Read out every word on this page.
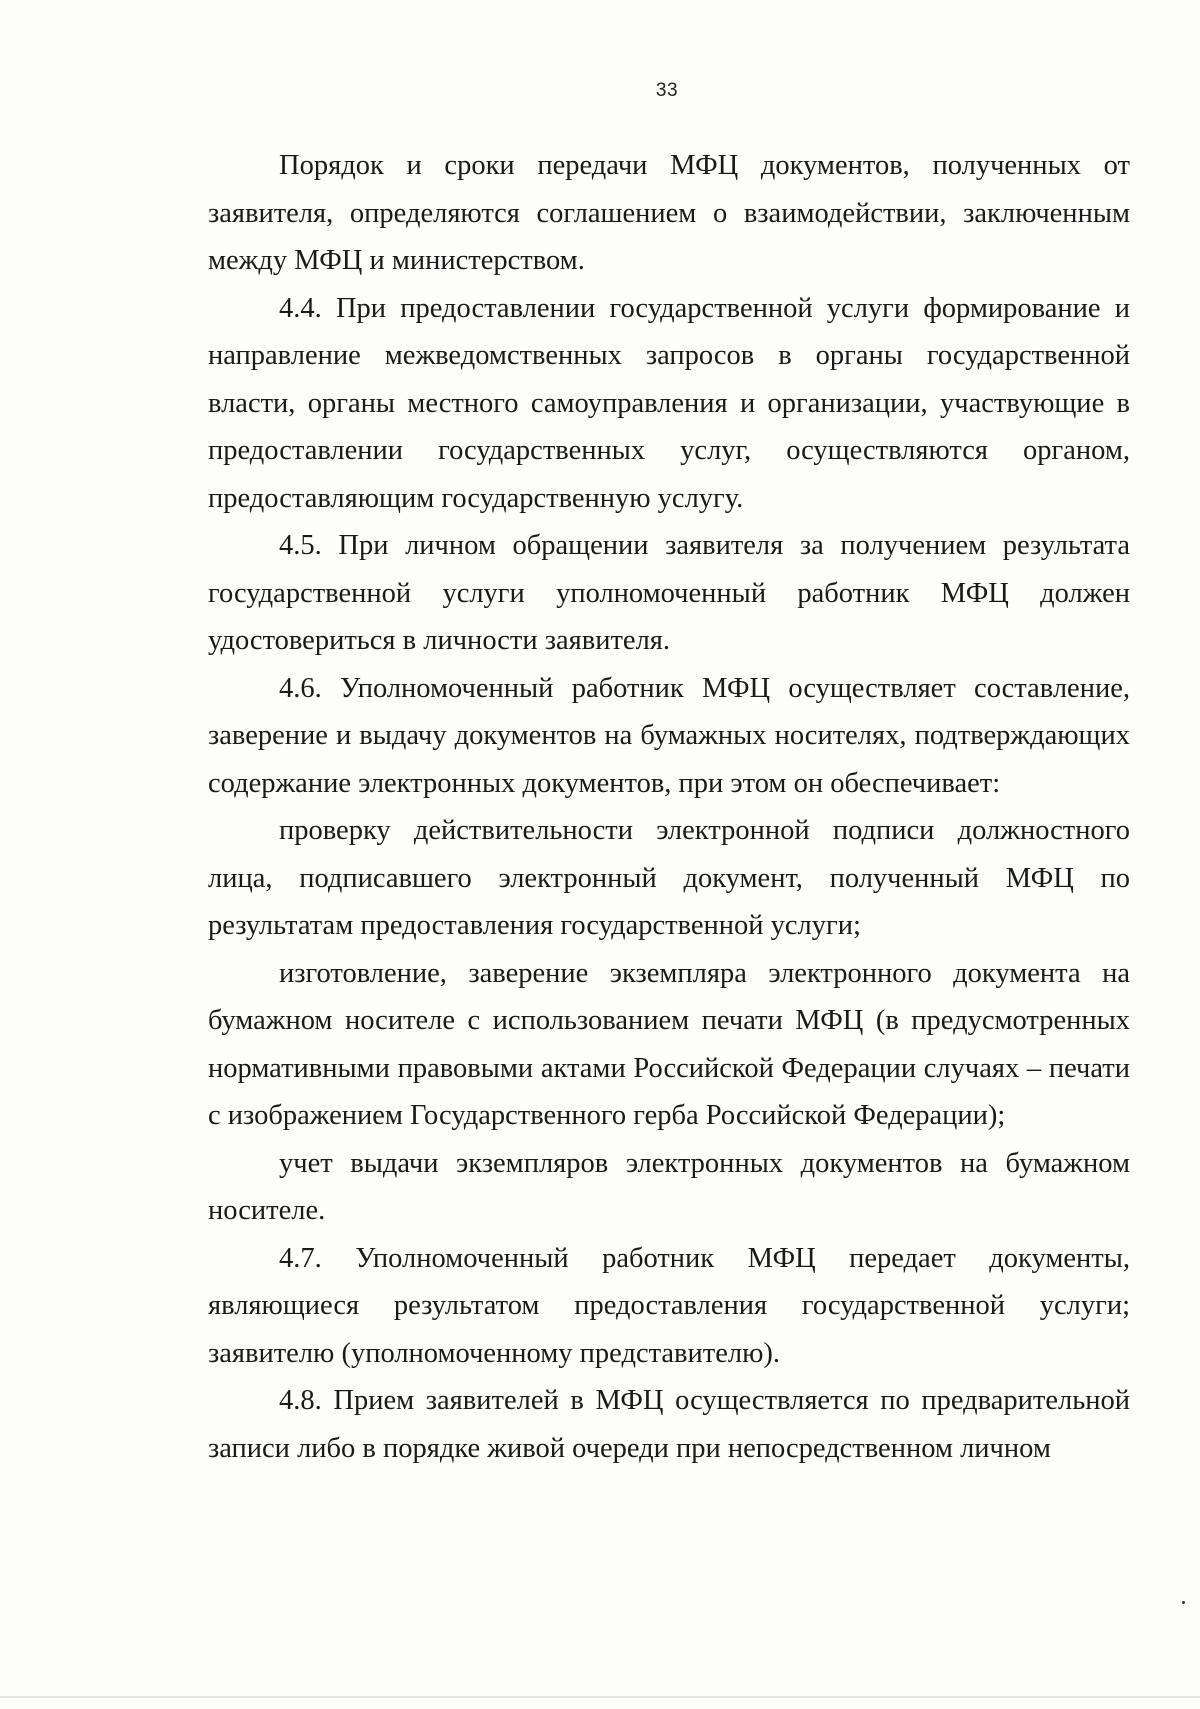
33

Порядок и сроки передачи МФЦ документов, полученных от заявителя, определяются соглашением о взаимодействии, заключенным между МФЦ и министерством.

4.4. При предоставлении государственной услуги формирование и направление межведомственных запросов в органы государственной власти, органы местного самоуправления и организации, участвующие в предоставлении государственных услуг, осуществляются органом, предоставляющим государственную услугу.

4.5. При личном обращении заявителя за получением результата государственной услуги уполномоченный работник МФЦ должен удостовериться в личности заявителя.

4.6. Уполномоченный работник МФЦ осуществляет составление, заверение и выдачу документов на бумажных носителях, подтверждающих содержание электронных документов, при этом он обеспечивает:

проверку действительности электронной подписи должностного лица, подписавшего электронный документ, полученный МФЦ по результатам предоставления государственной услуги;

изготовление, заверение экземпляра электронного документа на бумажном носителе с использованием печати МФЦ (в предусмотренных нормативными правовыми актами Российской Федерации случаях – печати с изображением Государственного герба Российской Федерации);

учет выдачи экземпляров электронных документов на бумажном носителе.

4.7. Уполномоченный работник МФЦ передает документы, являющиеся результатом предоставления государственной услуги; заявителю (уполномоченному представителю).

4.8. Прием заявителей в МФЦ осуществляется по предварительной записи либо в порядке живой очереди при непосредственном личном
